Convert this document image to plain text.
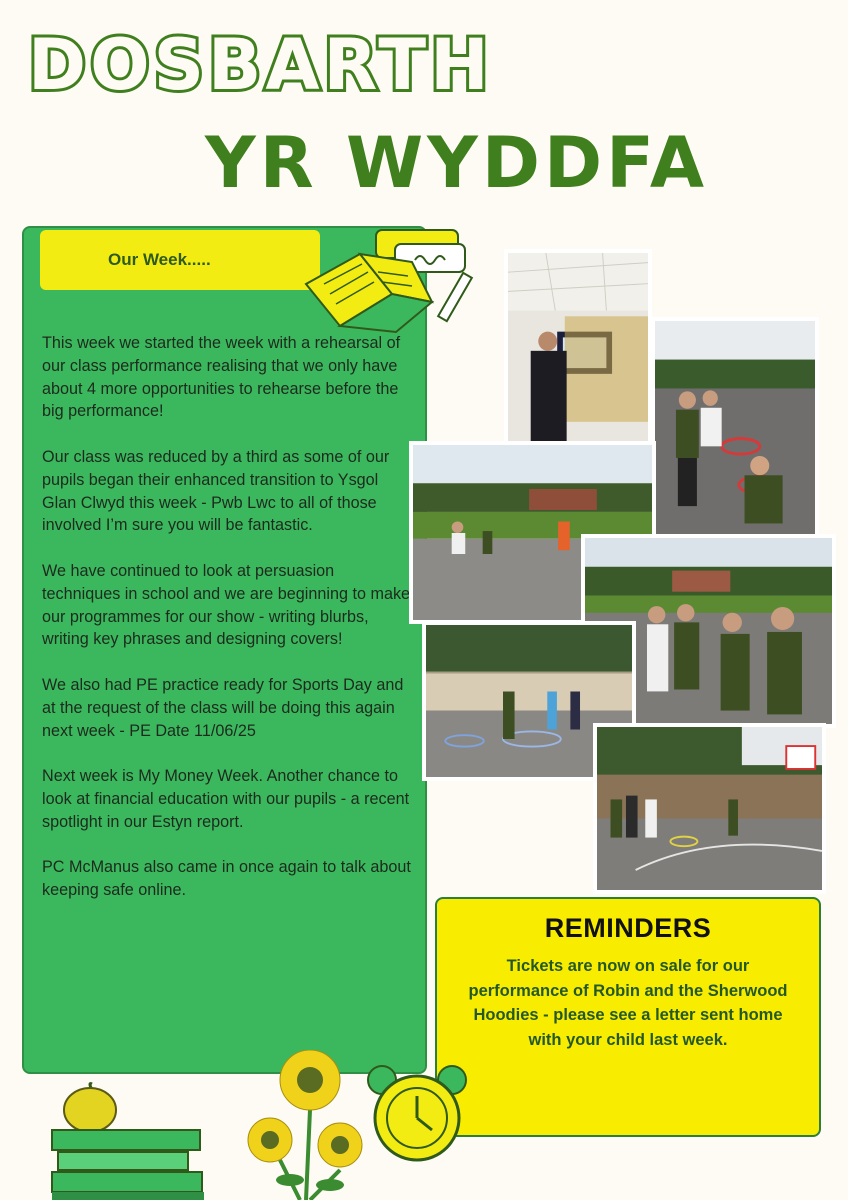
DOSBARTH
YR WYDDFA
Our Week.....

This week we started the week with a rehearsal of our class performance realising that we only have about 4 more opportunities to rehearse before the big performance!

Our class was reduced by a third as some of our pupils began their enhanced transition to Ysgol Glan Clwyd this week - Pwb Lwc to all of those involved I’m sure you will be fantastic.

We have continued to look at persuasion techniques in school and we are beginning to make our programmes for our show - writing blurbs, writing key phrases and designing covers!

We also had PE practice ready for Sports Day and at the request of the class will be doing this again next week - PE Date 11/06/25

Next week is My Money Week. Another chance to look at financial education with our pupils - a recent spotlight in our Estyn report.

PC McManus also came in once again to talk about keeping safe online.

REMINDERS
Tickets are now on sale for our performance of Robin and the Sherwood Hoodies - please see a letter sent home with your child last week.
